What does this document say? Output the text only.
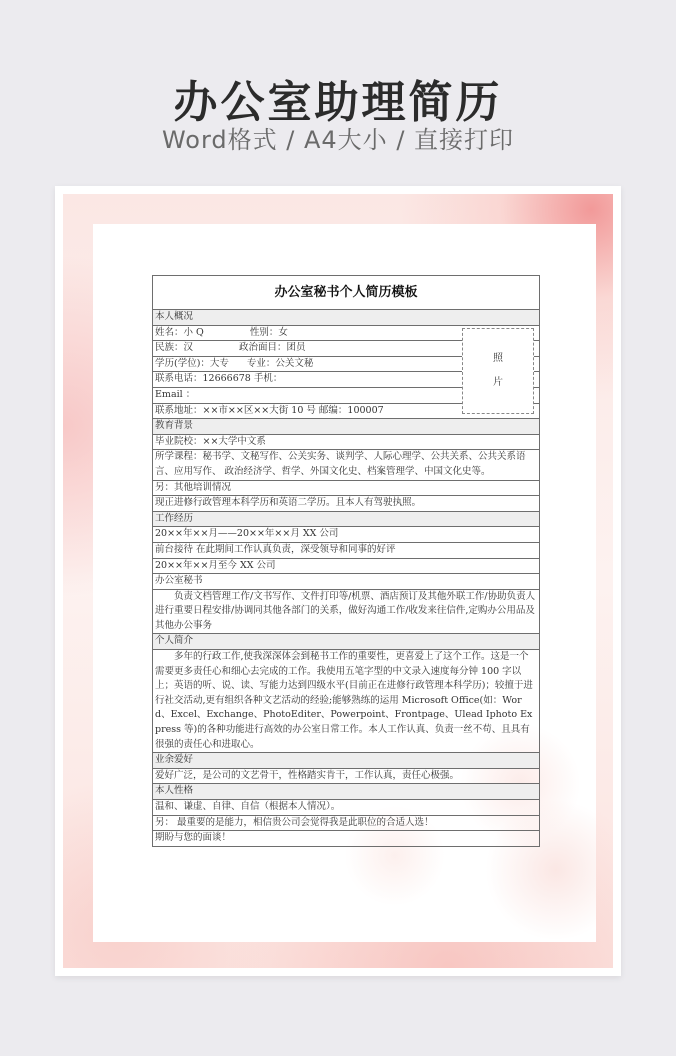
办公室助理简历
Word格式 / A4大小 / 直接打印
办公室秘书个人简历模板
本人概况
姓名：小 Q	性别：女
民族：汉	政治面目：团员
学历(学位)：大专 专业：公关文秘
联系电话：12666678 手机：
Email ：
联系地址：××市××区××大街 10 号 邮编：100007
照
片
教育背景
毕业院校：××大学中文系
所学课程：秘书学、文秘写作、公关实务、谈判学、人际心理学、公共关系、公共关系语言、应用写作、 政治经济学、哲学、外国文化史、档案管理学、中国文化史等。
另：其他培训情况
现正进修行政管理本科学历和英语二学历。且本人有驾驶执照。
工作经历
20××年××月——20××年××月 XX 公司
前台接待 在此期间工作认真负责，深受领导和同事的好评
20××年××月至今 XX 公司
办公室秘书
负责文档管理工作/文书写作、文件打印等/机票、酒店预订及其他外联工作/协助负责人进行重要日程安排/协调同其他各部门的关系，做好沟通工作/收发来往信件,定购办公用品及其他办公事务
个人简介
多年的行政工作,使我深深体会到秘书工作的重要性，更喜爱上了这个工作。这是一个需要更多责任心和细心去完成的工作。我使用五笔字型的中文录入速度每分钟 100 字以上；英语的听、说、读、写能力达到四级水平(目前正在进修行政管理本科学历)；较擅于进行社交活动,更有组织各种文艺活动的经验;能够熟练的运用 Microsoft Office(如：Word、Excel、Exchange、PhotoEditer、Powerpoint、Frontpage、Ulead Iphoto Express 等)的各种功能进行高效的办公室日常工作。本人工作认真、负责一丝不苟、且具有很强的责任心和进取心。
业余爱好
爱好广泛，是公司的文艺骨干，性格踏实肯干，工作认真，责任心极强。
本人性格
温和、谦虚、自律、自信（根据本人情况）。
另： 最重要的是能力，相信贵公司会觉得我是此职位的合适人选！
期盼与您的面谈！
